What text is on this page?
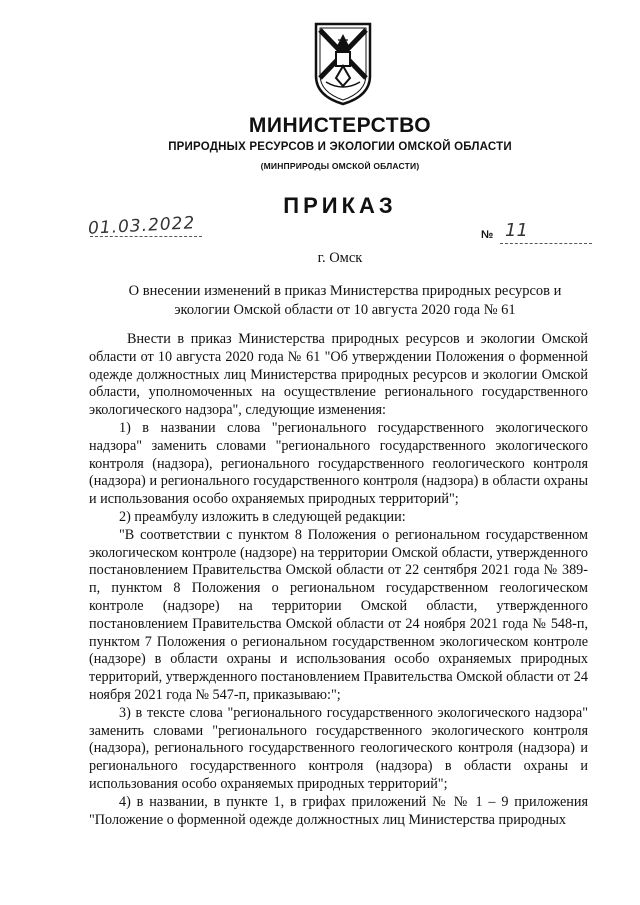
МИНИСТЕРСТВО
ПРИРОДНЫХ РЕСУРСОВ И ЭКОЛОГИИ ОМСКОЙ ОБЛАСТИ
(МИНПРИРОДЫ ОМСКОЙ ОБЛАСТИ)
ПРИКАЗ
01.03.2022	№ 11
г. Омск
О внесении изменений в приказ Министерства природных ресурсов и экологии Омской области от 10 августа 2020 года № 61

Внести в приказ Министерства природных ресурсов и экологии Омской области от 10 августа 2020 года № 61 "Об утверждении Положения о форменной одежде должностных лиц Министерства природных ресурсов и экологии Омской области, уполномоченных на осуществление регионального государственного экологического надзора", следующие изменения:

1) в названии слова "регионального государственного экологического надзора" заменить словами "регионального государственного экологического контроля (надзора), регионального государственного геологического контроля (надзора) и регионального государственного контроля (надзора) в области охраны и использования особо охраняемых природных территорий";

2) преамбулу изложить в следующей редакции:

"В соответствии с пунктом 8 Положения о региональном государственном экологическом контроле (надзоре) на территории Омской области, утвержденного постановлением Правительства Омской области от 22 сентября 2021 года № 389-п, пунктом 8 Положения о региональном государственном геологическом контроле (надзоре) на территории Омской области, утвержденного постановлением Правительства Омской области от 24 ноября 2021 года № 548-п, пунктом 7 Положения о региональном государственном экологическом контроле (надзоре) в области охраны и использования особо охраняемых природных территорий, утвержденного постановлением Правительства Омской области от 24 ноября 2021 года № 547-п, приказываю:";

3) в тексте слова "регионального государственного экологического надзора" заменить словами "регионального государственного экологического контроля (надзора), регионального государственного геологического контроля (надзора) и регионального государственного контроля (надзора) в области охраны и использования особо охраняемых природных территорий";

4) в названии, в пункте 1, в грифах приложений № № 1 – 9 приложения "Положение о форменной одежде должностных лиц Министерства природных
